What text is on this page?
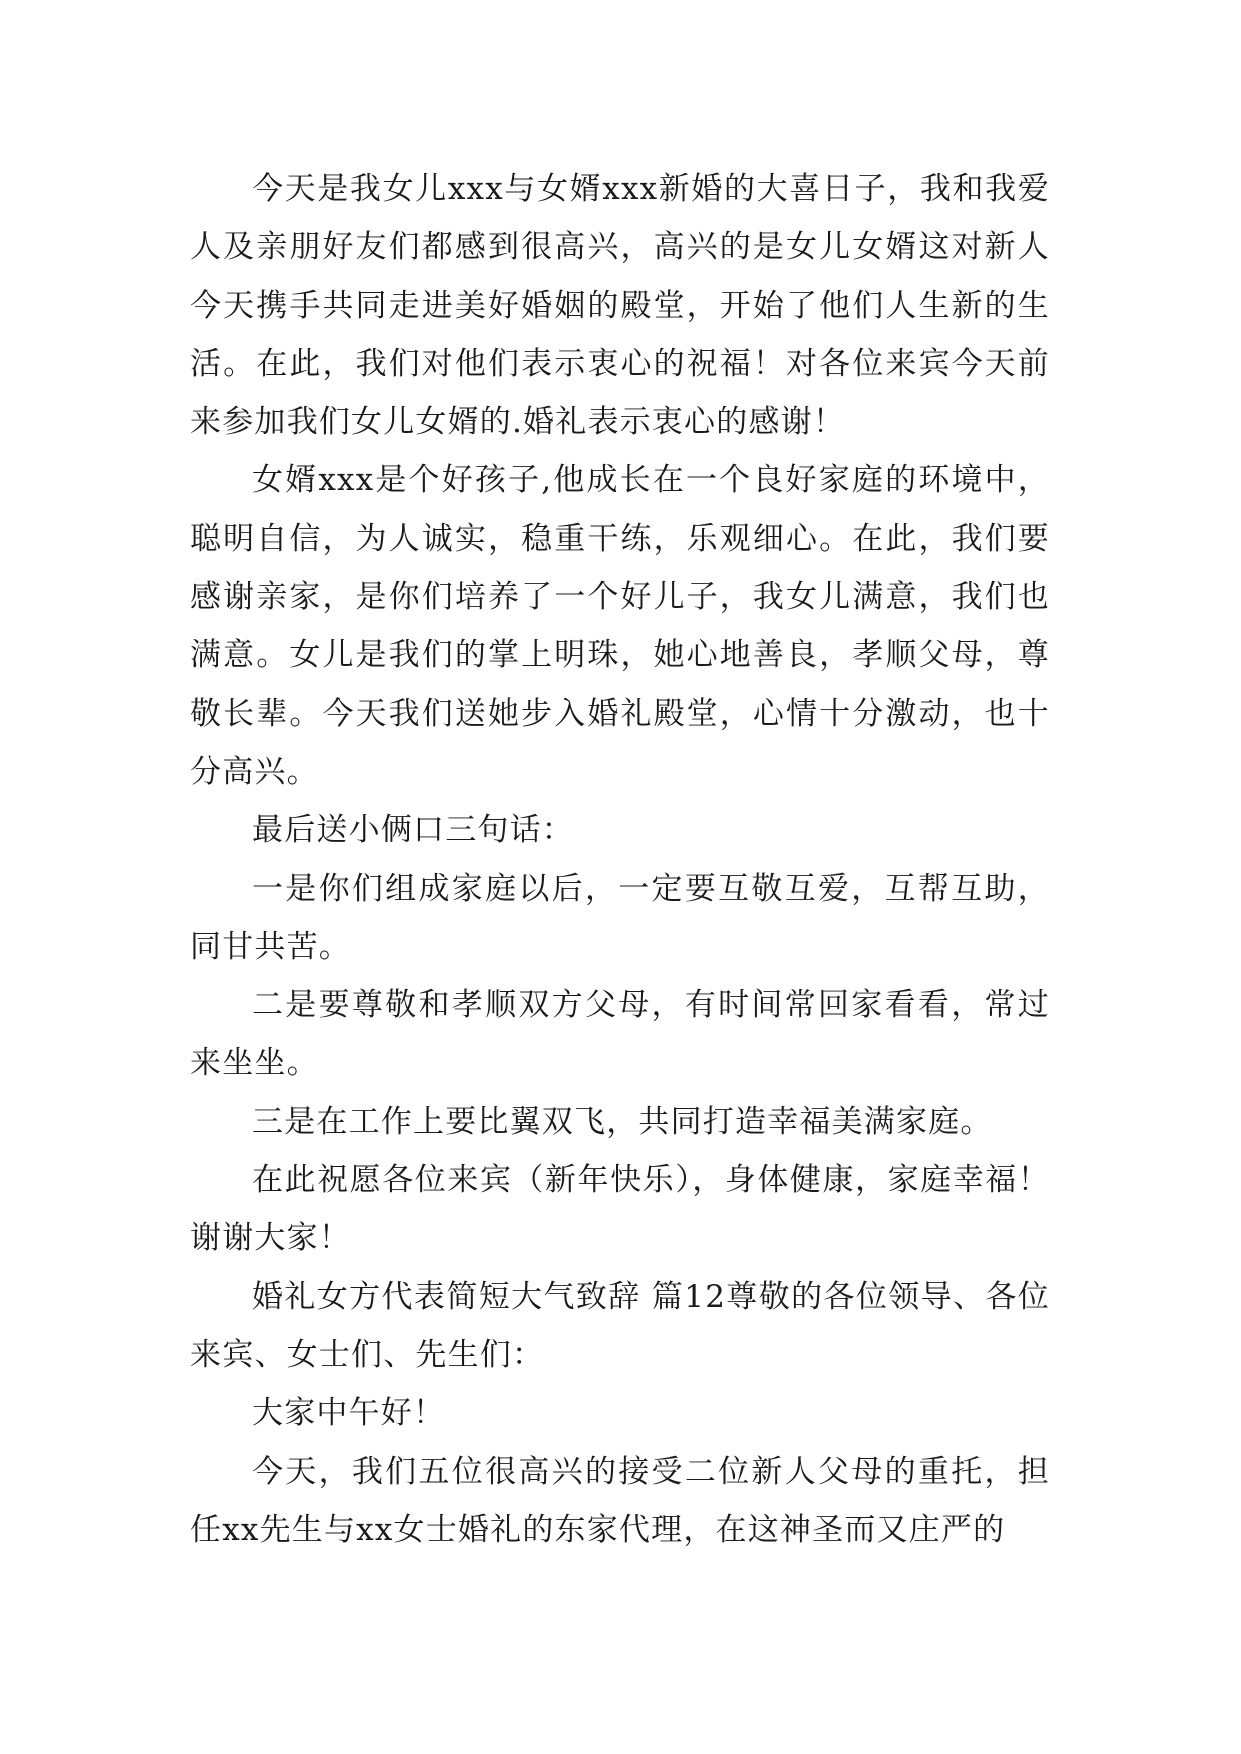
今天是我女儿xxx与女婿xxx新婚的大喜日子，我和我爱人及亲朋好友们都感到很高兴，高兴的是女儿女婿这对新人今天携手共同走进美好婚姻的殿堂，开始了他们人生新的生活。在此，我们对他们表示衷心的祝福！对各位来宾今天前来参加我们女儿女婿的.婚礼表示衷心的感谢！

女婿xxx是个好孩子,他成长在一个良好家庭的环境中，聪明自信，为人诚实，稳重干练，乐观细心。在此，我们要感谢亲家，是你们培养了一个好儿子，我女儿满意，我们也满意。女儿是我们的掌上明珠，她心地善良，孝顺父母，尊敬长辈。今天我们送她步入婚礼殿堂，心情十分激动，也十分高兴。

最后送小俩口三句话：

一是你们组成家庭以后，一定要互敬互爱，互帮互助，同甘共苦。

二是要尊敬和孝顺双方父母，有时间常回家看看，常过来坐坐。

三是在工作上要比翼双飞，共同打造幸福美满家庭。

在此祝愿各位来宾（新年快乐），身体健康，家庭幸福！谢谢大家！

婚礼女方代表简短大气致辞 篇12尊敬的各位领导、各位来宾、女士们、先生们：

大家中午好！

今天，我们五位很高兴的接受二位新人父母的重托，担任xx先生与xx女士婚礼的东家代理，在这神圣而又庄严的
